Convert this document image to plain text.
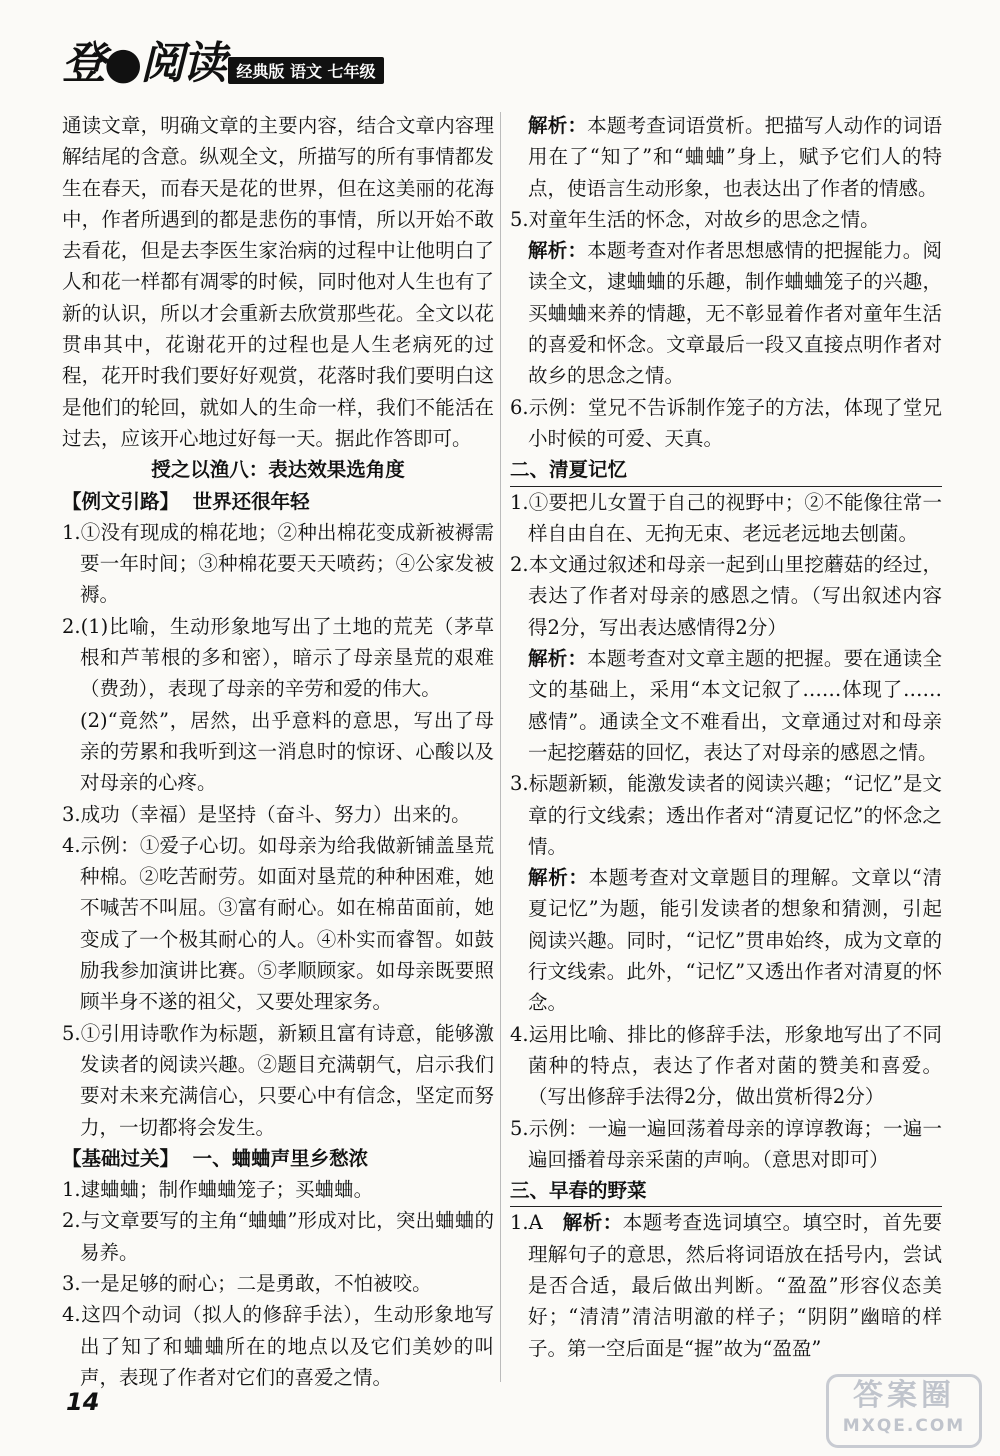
登●阅读 经典版 语文 七年级

通读文章，明确文章的主要内容，结合文章内容理解结尾的含意。纵观全文，所描写的所有事情都发生在春天，而春天是花的世界，但在这美丽的花海中，作者所遇到的都是悲伤的事情，所以开始不敢去看花，但是去李医生家治病的过程中让他明白了人和花一样都有凋零的时候，同时他对人生也有了新的认识，所以才会重新去欣赏那些花。全文以花贯串其中，花谢花开的过程也是人生老病死的过程，花开时我们要好好观赏，花落时我们要明白这是他们的轮回，就如人的生命一样，我们不能活在过去，应该开心地过好每一天。据此作答即可。

授之以渔八：表达效果选角度

【例文引路】 世界还很年轻

1.①没有现成的棉花地；②种出棉花变成新被褥需要一年时间；③种棉花要天天喷药；④公家发被褥。

2.(1)比喻，生动形象地写出了土地的荒芜（茅草根和芦苇根的多和密），暗示了母亲垦荒的艰难（费劲），表现了母亲的辛劳和爱的伟大。

(2)“竟然”，居然，出乎意料的意思，写出了母亲的劳累和我听到这一消息时的惊讶、心酸以及对母亲的心疼。

3.成功（幸福）是坚持（奋斗、努力）出来的。

4.示例：①爱子心切。如母亲为给我做新铺盖垦荒种棉。②吃苦耐劳。如面对垦荒的种种困难，她不喊苦不叫屈。③富有耐心。如在棉苗面前，她变成了一个极其耐心的人。④朴实而睿智。如鼓励我参加演讲比赛。⑤孝顺顾家。如母亲既要照顾半身不遂的祖父，又要处理家务。

5.①引用诗歌作为标题，新颖且富有诗意，能够激发读者的阅读兴趣。②题目充满朝气，启示我们要对未来充满信心，只要心中有信念，坚定而努力，一切都将会发生。

【基础过关】 一、蛐蛐声里乡愁浓

1.逮蛐蛐；制作蛐蛐笼子；买蛐蛐。

2.与文章要写的主角“蛐蛐”形成对比，突出蛐蛐的易养。

3.一是足够的耐心；二是勇敢，不怕被咬。

4.这四个动词（拟人的修辞手法），生动形象地写出了知了和蛐蛐所在的地点以及它们美妙的叫声，表现了作者对它们的喜爱之情。

解析：本题考查词语赏析。把描写人动作的词语用在了“知了”和“蛐蛐”身上，赋予它们人的特点，使语言生动形象，也表达出了作者的情感。

5.对童年生活的怀念，对故乡的思念之情。

解析：本题考查对作者思想感情的把握能力。阅读全文，逮蛐蛐的乐趣，制作蛐蛐笼子的兴趣，买蛐蛐来养的情趣，无不彰显着作者对童年生活的喜爱和怀念。文章最后一段又直接点明作者对故乡的思念之情。

6.示例：堂兄不告诉制作笼子的方法，体现了堂兄小时候的可爱、天真。

二、清夏记忆

1.①要把儿女置于自己的视野中；②不能像往常一样自由自在、无拘无束、老远老远地去刨菌。

2.本文通过叙述和母亲一起到山里挖蘑菇的经过，表达了作者对母亲的感恩之情。（写出叙述内容得2分，写出表达感情得2分）

解析：本题考查对文章主题的把握。要在通读全文的基础上，采用“本文记叙了……体现了……感情”。通读全文不难看出，文章通过对和母亲一起挖蘑菇的回忆，表达了对母亲的感恩之情。

3.标题新颖，能激发读者的阅读兴趣；“记忆”是文章的行文线索；透出作者对“清夏记忆”的怀念之情。

解析：本题考查对文章题目的理解。文章以“清夏记忆”为题，能引发读者的想象和猜测，引起阅读兴趣。同时，“记忆”贯串始终，成为文章的行文线索。此外，“记忆”又透出作者对清夏的怀念。

4.运用比喻、排比的修辞手法，形象地写出了不同菌种的特点，表达了作者对菌的赞美和喜爱。（写出修辞手法得2分，做出赏析得2分）

5.示例：一遍一遍回荡着母亲的谆谆教诲；一遍一遍回播着母亲采菌的声响。（意思对即可）

三、早春的野菜

1.A 解析：本题考查选词填空。填空时，首先要理解句子的意思，然后将词语放在括号内，尝试是否合适，最后做出判断。“盈盈”形容仪态美好；“清清”清洁明澈的样子；“阴阴”幽暗的样子。第一空后面是“握”故为“盈盈”

14	答案圈
MXQE.COM
